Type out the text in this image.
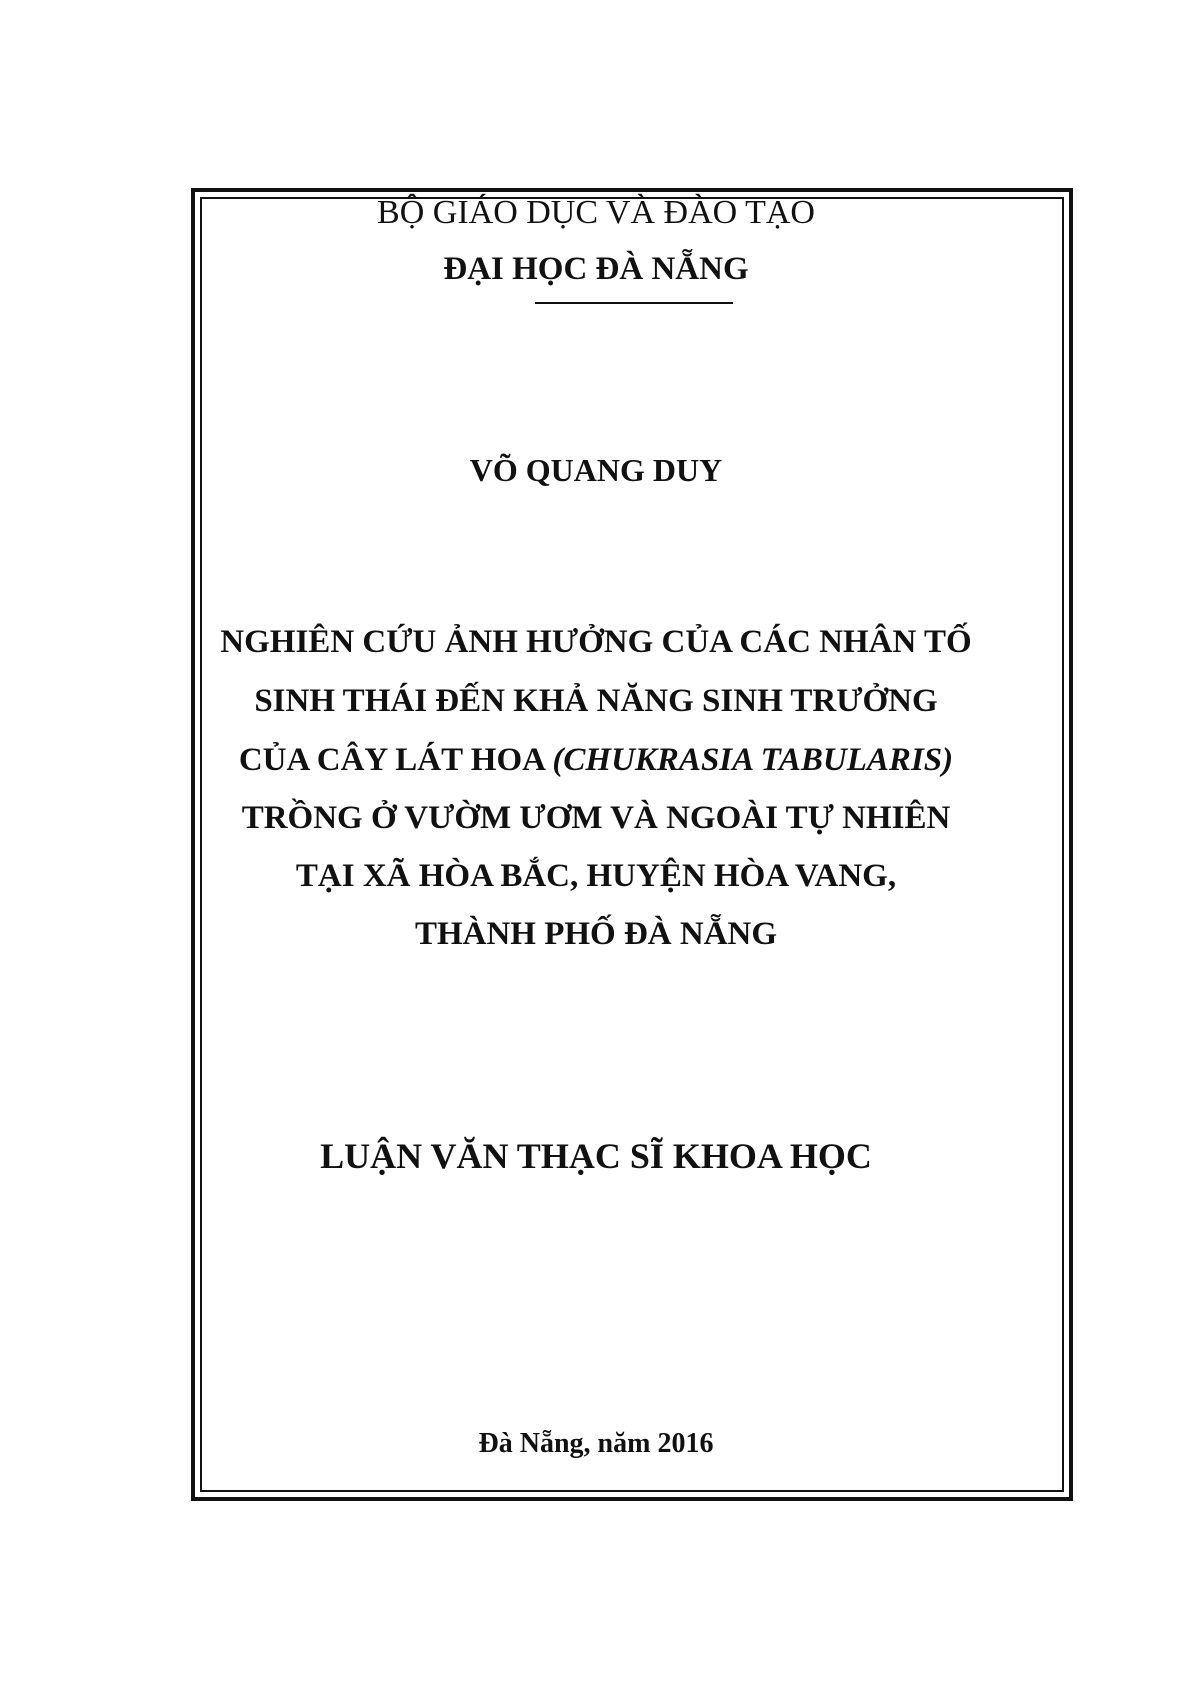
BỘ GIÁO DỤC VÀ ĐÀO TẠO
ĐẠI HỌC ĐÀ NẴNG
VÕ QUANG DUY
NGHIÊN CỨU ẢNH HƯỞNG CỦA CÁC NHÂN TỐ
SINH THÁI ĐẾN KHẢ NĂNG SINH TRƯỞNG
CỦA CÂY LÁT HOA (CHUKRASIA TABULARIS)
TRỒNG Ở VƯỜM ƯƠM VÀ NGOÀI TỰ NHIÊN
TẠI XÃ HÒA BẮC, HUYỆN HÒA VANG,
THÀNH PHỐ ĐÀ NẴNG
LUẬN VĂN THẠC SĨ KHOA HỌC
Đà Nẵng, năm 2016
